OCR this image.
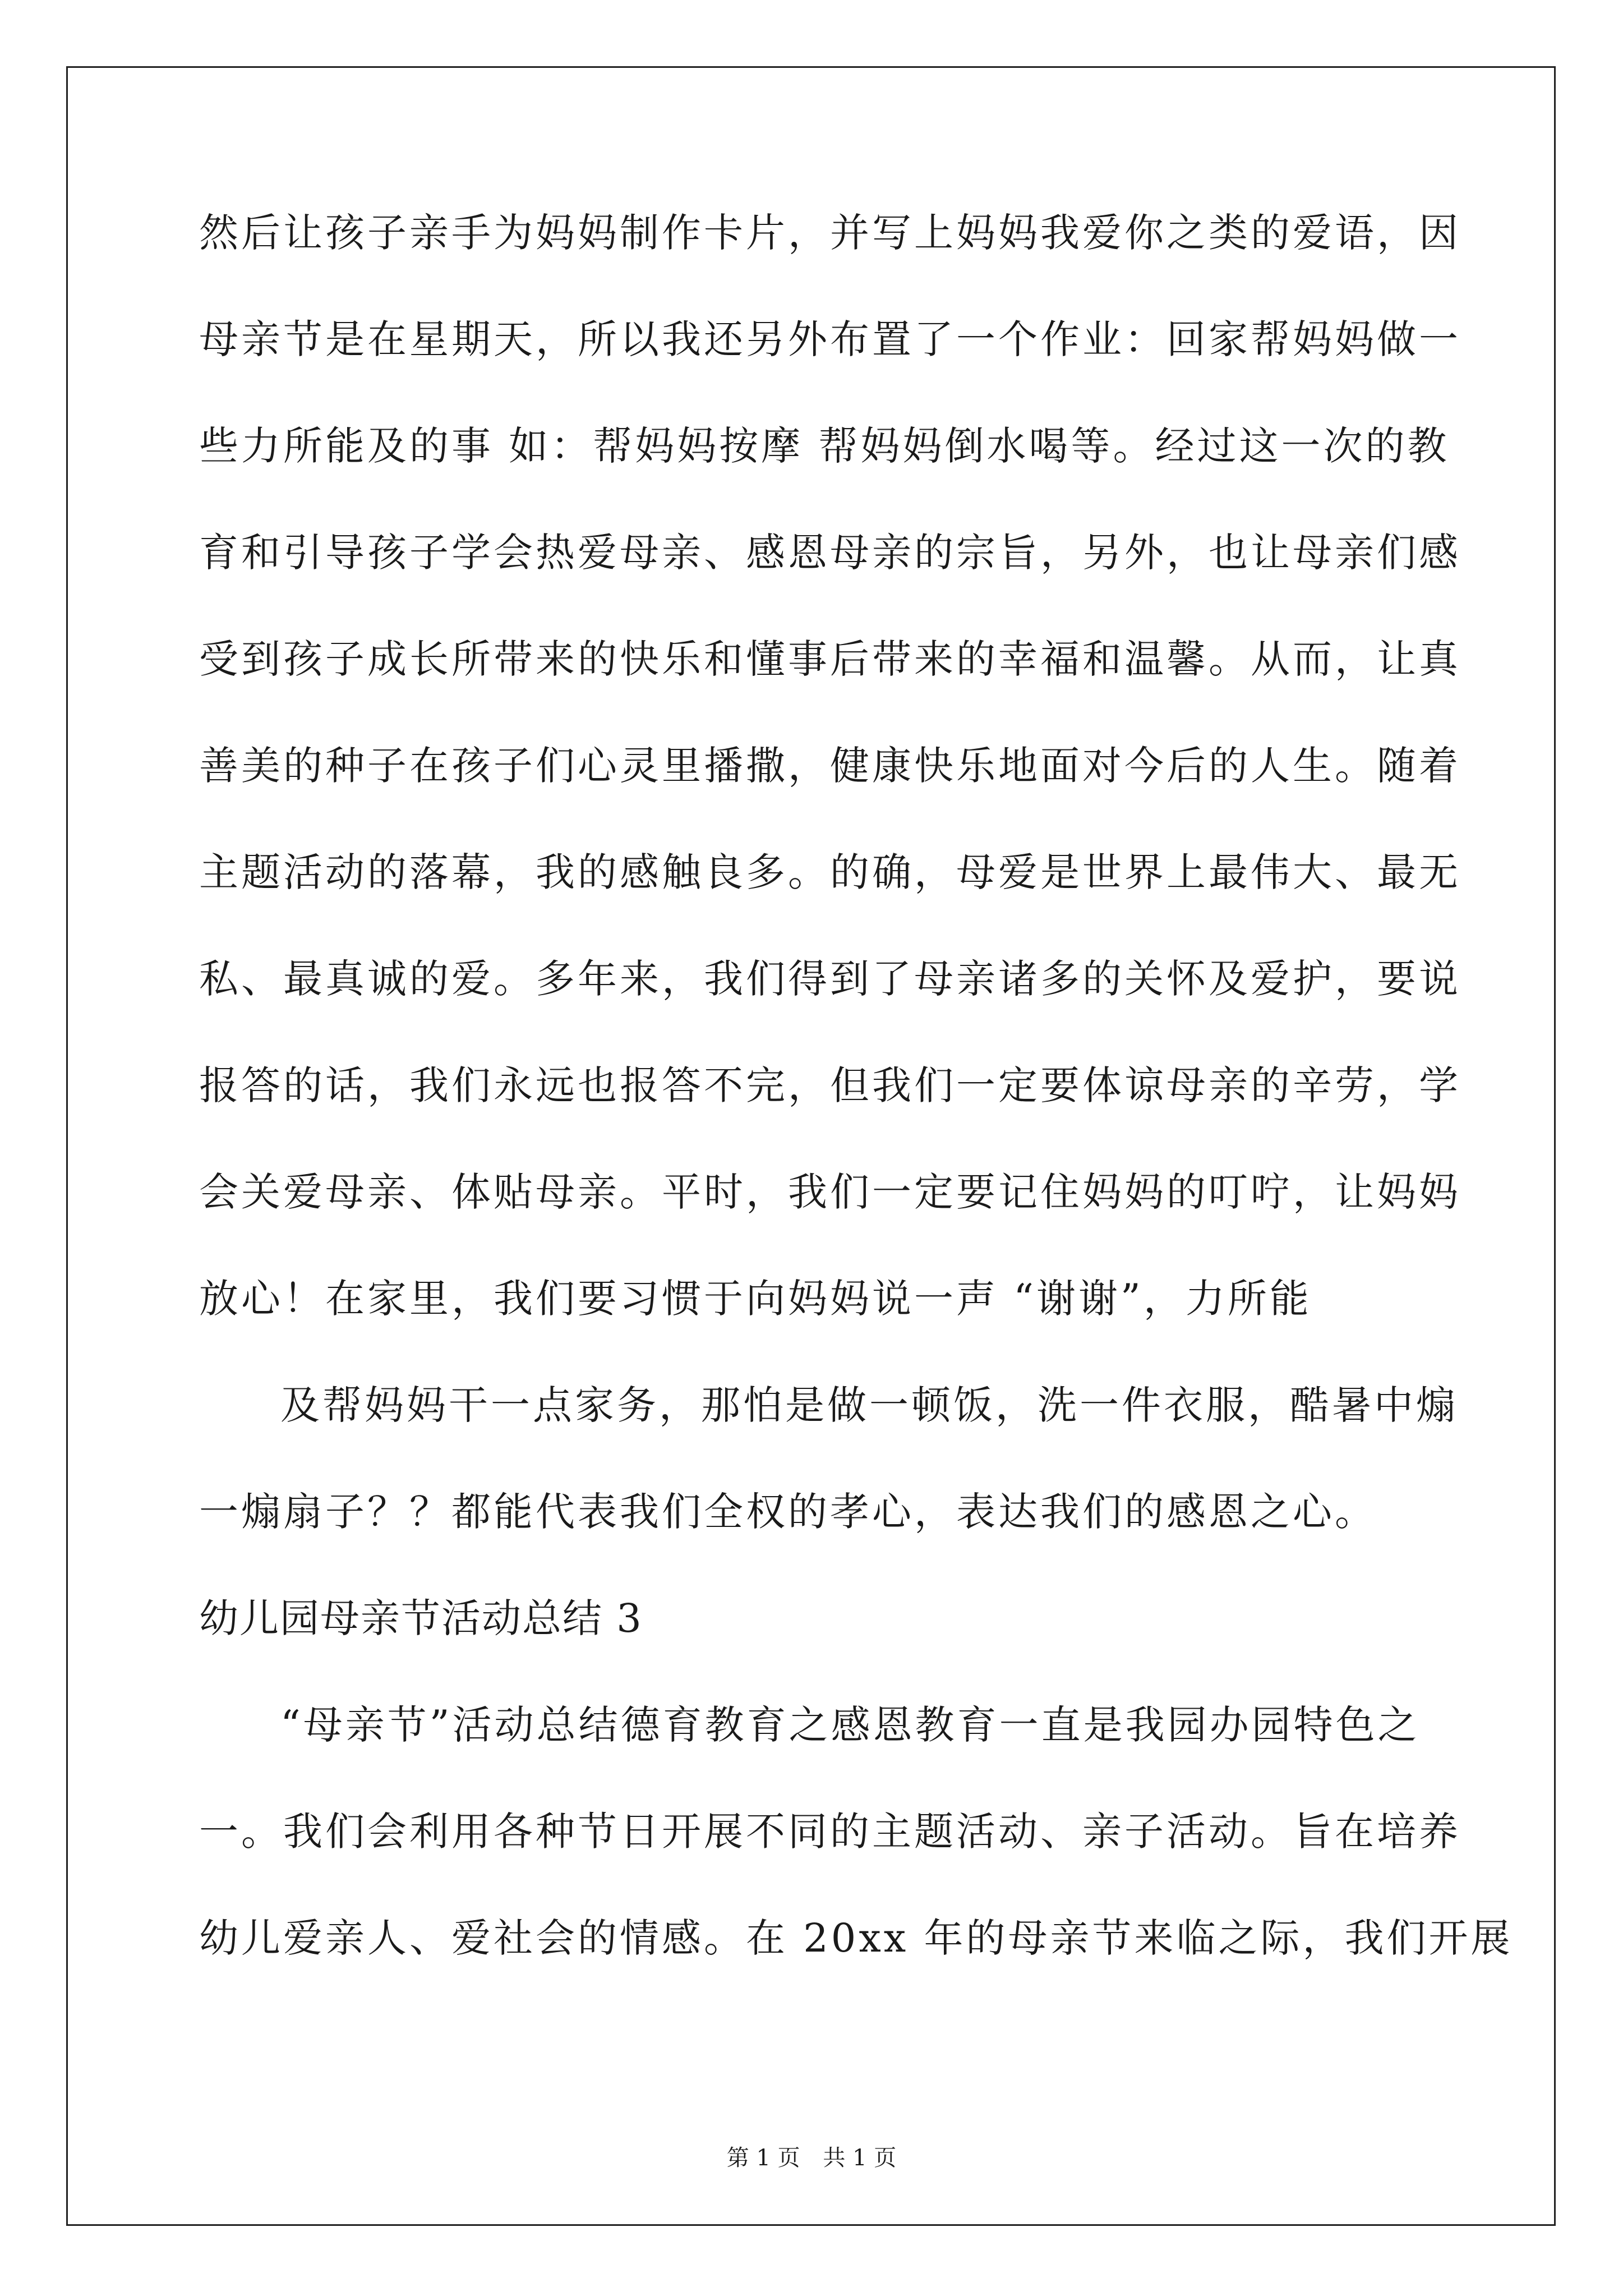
然后让孩子亲手为妈妈制作卡片，并写上妈妈我爱你之类的爱语，因
母亲节是在星期天，所以我还另外布置了一个作业：回家帮妈妈做一
些力所能及的事 如：帮妈妈按摩 帮妈妈倒水喝等。经过这一次的教
育和引导孩子学会热爱母亲、感恩母亲的宗旨，另外，也让母亲们感
受到孩子成长所带来的快乐和懂事后带来的幸福和温馨。从而，让真
善美的种子在孩子们心灵里播撒，健康快乐地面对今后的人生。随着
主题活动的落幕，我的感触良多。的确，母爱是世界上最伟大、最无
私、最真诚的爱。多年来，我们得到了母亲诸多的关怀及爱护，要说
报答的话，我们永远也报答不完，但我们一定要体谅母亲的辛劳，学
会关爱母亲、体贴母亲。平时，我们一定要记住妈妈的叮咛，让妈妈
放心！在家里，我们要习惯于向妈妈说一声 “谢谢”，力所能
及帮妈妈干一点家务，那怕是做一顿饭，洗一件衣服，酷暑中煽
一煽扇子？？都能代表我们全权的孝心，表达我们的感恩之心。
幼儿园母亲节活动总结 3
“母亲节”活动总结德育教育之感恩教育一直是我园办园特色之
一。我们会利用各种节日开展不同的主题活动、亲子活动。旨在培养
幼儿爱亲人、爱社会的情感。在 20xx 年的母亲节来临之际，我们开展
第 1 页 共 1 页
